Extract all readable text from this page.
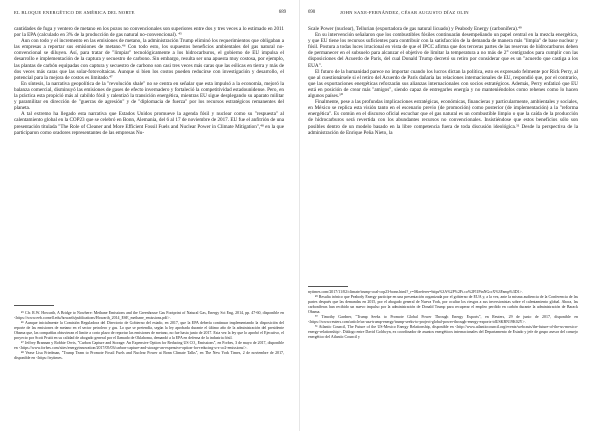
EL BLOQUE ENERGÉTICO DE AMÉRICA DEL NORTE	689

cantidades de fuga y ventero de metano en los pozos no convencionales son superiores entre dos y tres veces a lo estimado en 2011 por la EPA (calculado en 3% de la producción de gas natural no-convencional). ⁴⁵

Aun con todo y el incremento en las emisiones de metano, la administración Trump eliminó los requerimientos que obligaban a las empresas a reportar sus emisiones de metano.⁴⁶ Con todo esto, los supuestos beneficios ambientales del gas natural no-convencional se diluyen. Así, para tratar de "limpiar" tecnológicamente a los hidrocarburos, el gobierno de EU impulsa el desarrollo e implementación de la captura y secuestro de carbono. Sin embargo, resulta ser una apuesta muy costosa, por ejemplo, las plantas de carbón equipadas con captura y secuestro de carbono son casi tres veces más caras que las eólicas en tierra y más de dos veces más caras que las solar-fotovoltaicas. Aunque si bien los costos pueden reducirse con investigación y desarrollo, el potencial para la mejora de costos es limitado.⁴⁷

En síntesis, la narrativa geopolítica de la "revolución shale" no se centra en señalar que esta impulsó a la economía, mejoró la balanza comercial, disminuyó las emisiones de gases de efecto invernadero y fortaleció la competitividad estadounidense. Pero, en la práctica esta propició más al cabildo fósil y ralentizó la transición energética, mientras EU sigue desplegando su aparato militar y paramilitar en dirección de "guerras de agresión" y de "diplomacia de fuerza" por los recursos estratégicos remanentes del planeta.

A tal extremo ha llegado esta narrativa que Estados Unidos promueve la agenda fósil y nuclear como su "respuesta" al calentamiento global en la COP23 que se celebró en Bonn, Alemania, del 6 al 17 de noviembre de 2017. EU fue el anfitrión de una presentación titulada "The Role of Cleaner and More Efficient Fossil Fuels and Nuclear Power in Climate Mitigation",⁴⁸ en la que participaron como oradores representantes de las empresas Nu-

⁴⁵ Cfr. R.W. Howarth, A Bridge to Nowhere: Methane Emissions and the Greenhouse Gas Footprint of Natural Gas, Energy Sci Eng, 2014, pp. 47-60, disponible en <https://www.eeb.cornell.edu/howarth/publications/Howarth_2014_ESE_methane_emissions.pdf>.

⁴⁶ Aunque inicialmente la Comisión Reguladora del Directorio de Gobierno del estado, en 2017, que la EPA debería continuar implementando la disposición del reporte de las emisiones de metano en el sector petrolero y gas. Lo que se pretendía, según la ley aprobada durante el último año de la administración del presidente Obama que, las compañías obtuvieran el limite a corto plazo de reportar las emisiones de metano, no fue hasta junio de 2017. Esta vez la ley que lo aprobó el Ejecutivo, el proyecto por Scott Pruitt en su calidad de abogado general por el llamado de Oklahoma, demandó a la EPA en defensa de la industria fósil.

⁴⁷ Jeffrey Brannan y Robbie Orvis, "Carbon Capture and Storage: An Expensive Option for Reducing US CO₂ Emissions", en Forbes, 3 de mayo de 2017, disponible en <https://www.forbes.com/sites/energyinnovation/2017/05/03/carbon-capture-and-storage-an-expensive-option-for-reducing-u-s-co2-emissions/>.

⁴⁸ Vease Lisa Friedman, "Trump Team to Promote Fossil Fuels and Nuclear Power at Bonn Climate Talks", en The New York Times, 2 de noviembre de 2017, disponible en <https://nytimes.

690	JOHN SAXE-FERNÁNDEZ, CÉSAR AUGUSTO DÍAZ OLIN

Scale Power (nuclear), Tellurian (exportadora de gas natural licuado) y Peabody Energy (carbonífera).⁴⁹

En su intervención señalaron que los combustibles fósiles continuarán desempeñando un papel central en la mezcla energética, y que EU tiene los recursos suficientes para contribuir con la satisfacción de la demanda de manera más "limpia" de base nuclear y fósil. Postura a todas luces irracional en vista de que el IPCC afirma que dos terceras partes de las reservas de hidrocarburos deben de permanecer en el subsuelo para alcanzar el objetivo de limitar la temperatura a no más de 2° centígrados para cumplir con las disposiciones del Acuerdo de París, del cual Donald Trump decretó su retiro por considerar que es un "acuerdo que castiga a los EUA".

El futuro de la humanidad parece no importar cuando los lucros dictan la política, esto es expresado felmente por Rick Perry, al que al cuestionársele si el retiro del Acuerdo de París dañaría las relaciones internacionales de EU, respondió que, por el contrario, que las exportaciones energéticas reforzarán sus alianzas internacionales con socios estratégicos. Además, Perry enfatizó que EU está en posición de crear más "amigos", siendo capaz de entregarles energía y no manteniéndolos como rehenes como lo hacen algunos países.⁵⁰

Finalmente, pese a las profundas implicaciones estratégicas, económicas, financieras y particularmente, ambientales y sociales, en México se replica esta visión tanto en el escenario previo (de promoción) como posterior (de implementación) a la "reforma energética". Es común en el discurso oficial escuchar que el gas natural es un combustible limpio o que la caída de la producción de hidrocarburos será revertida con los abundantes recursos no convencionales. Insistiéndose que estos beneficios sólo son posibles dentro de un modelo basado en la libre competencia fuera de toda discusión ideológica.⁵¹ Desde la perspectiva de la administración de Enrique Peña Nieto, la

nytimes.com/2017/11/02/climate/trump-coal-cop23-bonn.html?_r=0&referer=https%3A%2F%2Ft.co%2Fl1PtnNGcrX%3Famp%3D1>.

⁴⁹ Resulta irónico que Peabody Energy participe en una presentación organizada por el gobierno de EUA y, a la vez, ante la misma audiencia de la Conferencia de las partes después que las demandas en 2015, por el abogado general de Nueva York, por ocultar los riesgos a sus inversionistas sobre el calentamiento global. Ahora, las carboníferas han recibido un nuevo impulso por la administración de Donald Trump para recuperar el empleo perdido en carbón durante la administración de Barack Obama.

⁵⁰ Timothy Gardner, "Trump Seeks to Promote Global Power Through Energy Exports", en Reuters, 29 de junio de 2017, disponible en <https://www.reuters.com/article/us-usa-trump-energy/trump-seeks-to-project-global-power-through-energy-exports-idUSKBN19K02Y>.

⁵¹ Atlantic Council, The Future of the US-Mexico Energy Relationship, disponible en <http://www.atlanticcouncil.org/events/webcasts/the-future-of-the-us-mexico-energy-relationship>. Diálogo entre David Goldwyn, ex coordinador de asuntos energéticos internacionales del Departamento de Estado y jefe de grupo asesor del consejo energético del Atlantic Council y
